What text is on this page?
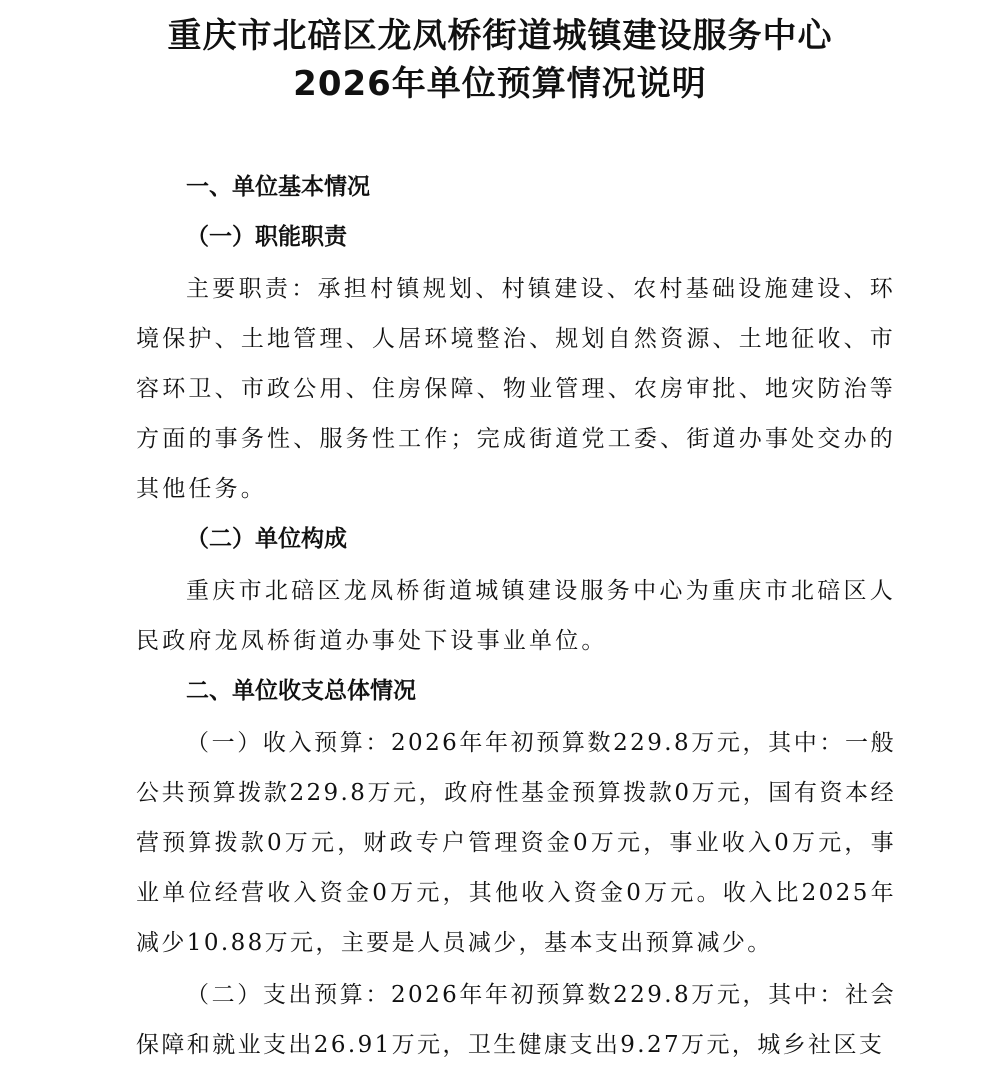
重庆市北碚区龙凤桥街道城镇建设服务中心
2026年单位预算情况说明
一、单位基本情况
（一）职能职责

主要职责：承担村镇规划、村镇建设、农村基础设施建设、环境保护、土地管理、人居环境整治、规划自然资源、土地征收、市容环卫、市政公用、住房保障、物业管理、农房审批、地灾防治等方面的事务性、服务性工作；完成街道党工委、街道办事处交办的其他任务。

（二）单位构成

重庆市北碚区龙凤桥街道城镇建设服务中心为重庆市北碚区人民政府龙凤桥街道办事处下设事业单位。

二、单位收支总体情况

（一）收入预算：2026年年初预算数229.8万元，其中：一般公共预算拨款229.8万元，政府性基金预算拨款0万元，国有资本经营预算拨款0万元，财政专户管理资金0万元，事业收入0万元，事业单位经营收入资金0万元，其他收入资金0万元。收入比2025年减少10.88万元，主要是人员减少，基本支出预算减少。

（二）支出预算：2026年年初预算数229.8万元，其中：社会保障和就业支出26.91万元，卫生健康支出9.27万元，城乡社区支
